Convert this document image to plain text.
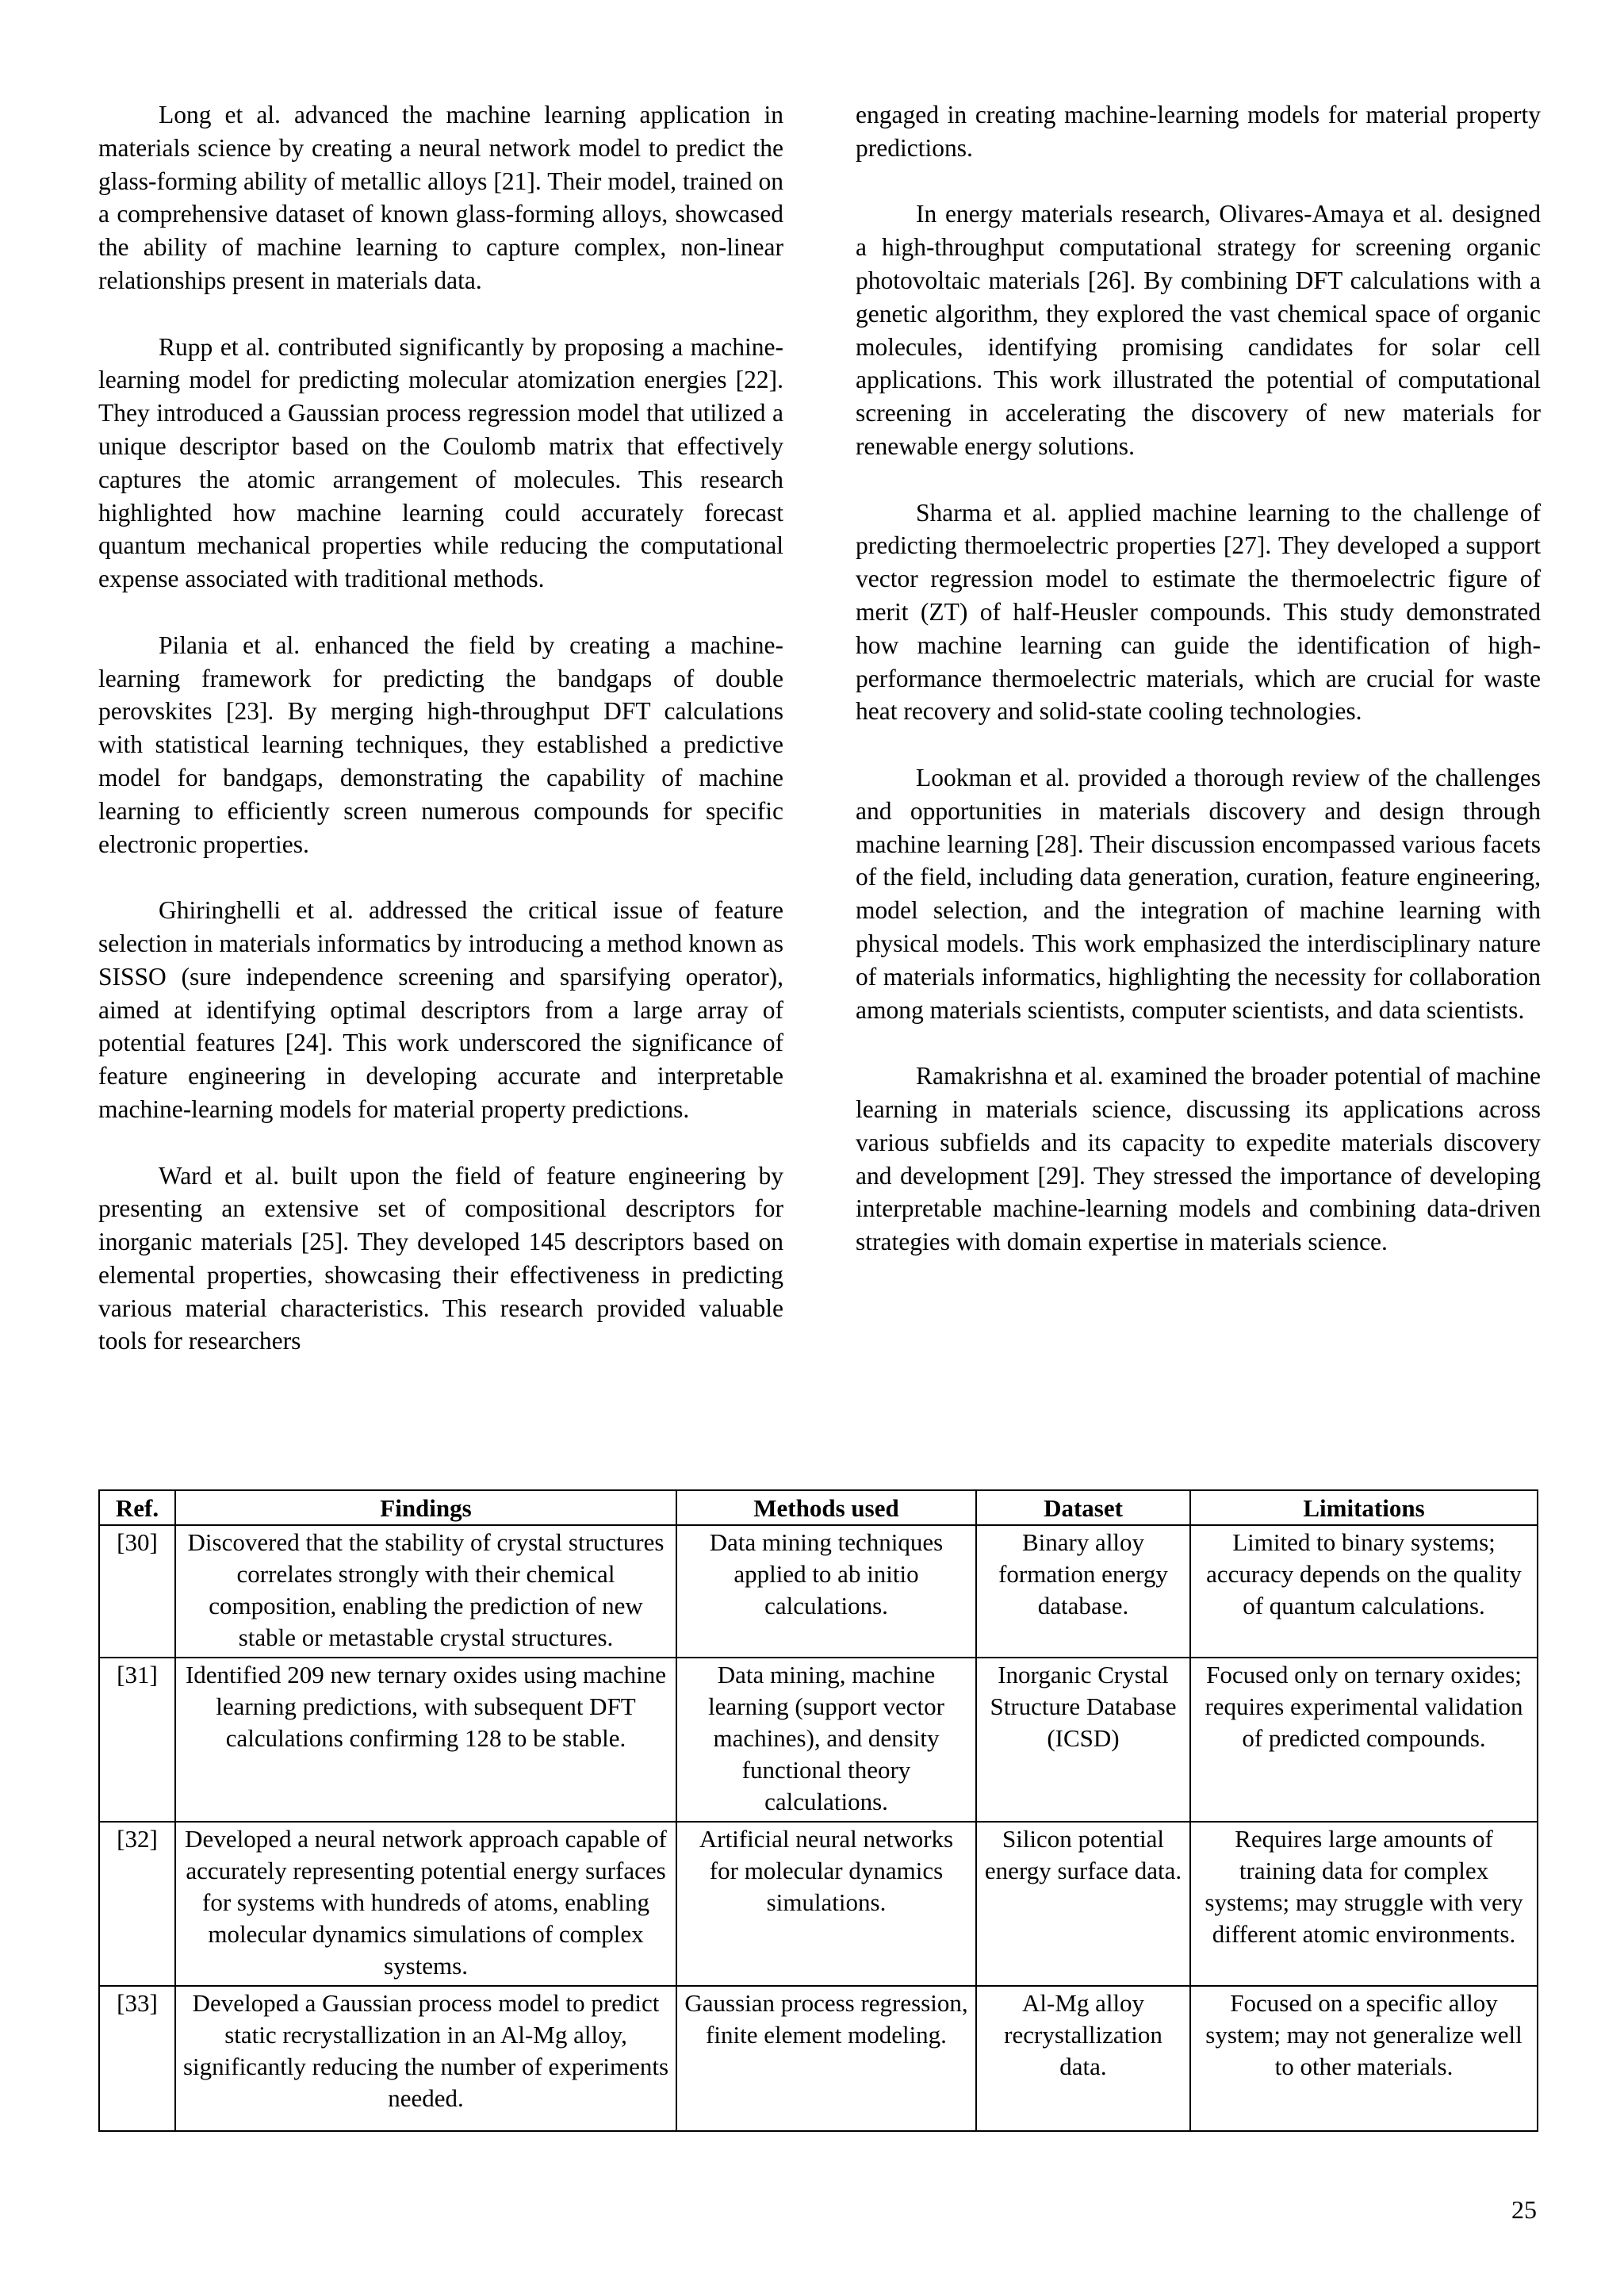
Long et al. advanced the machine learning application in materials science by creating a neural network model to predict the glass-forming ability of metallic alloys [21]. Their model, trained on a comprehensive dataset of known glass-forming alloys, showcased the ability of machine learning to capture complex, non-linear relationships present in materials data.

Rupp et al. contributed significantly by proposing a machine-learning model for predicting molecular atomization energies [22]. They introduced a Gaussian process regression model that utilized a unique descriptor based on the Coulomb matrix that effectively captures the atomic arrangement of molecules. This research highlighted how machine learning could accurately forecast quantum mechanical properties while reducing the computational expense associated with traditional methods.

Pilania et al. enhanced the field by creating a machine-learning framework for predicting the bandgaps of double perovskites [23]. By merging high-throughput DFT calculations with statistical learning techniques, they established a predictive model for bandgaps, demonstrating the capability of machine learning to efficiently screen numerous compounds for specific electronic properties.

Ghiringhelli et al. addressed the critical issue of feature selection in materials informatics by introducing a method known as SISSO (sure independence screening and sparsifying operator), aimed at identifying optimal descriptors from a large array of potential features [24]. This work underscored the significance of feature engineering in developing accurate and interpretable machine-learning models for material property predictions.

Ward et al. built upon the field of feature engineering by presenting an extensive set of compositional descriptors for inorganic materials [25]. They developed 145 descriptors based on elemental properties, showcasing their effectiveness in predicting various material characteristics. This research provided valuable tools for researchers

engaged in creating machine-learning models for material property predictions.

In energy materials research, Olivares-Amaya et al. designed a high-throughput computational strategy for screening organic photovoltaic materials [26]. By combining DFT calculations with a genetic algorithm, they explored the vast chemical space of organic molecules, identifying promising candidates for solar cell applications. This work illustrated the potential of computational screening in accelerating the discovery of new materials for renewable energy solutions.

Sharma et al. applied machine learning to the challenge of predicting thermoelectric properties [27]. They developed a support vector regression model to estimate the thermoelectric figure of merit (ZT) of half-Heusler compounds. This study demonstrated how machine learning can guide the identification of high-performance thermoelectric materials, which are crucial for waste heat recovery and solid-state cooling technologies.

Lookman et al. provided a thorough review of the challenges and opportunities in materials discovery and design through machine learning [28]. Their discussion encompassed various facets of the field, including data generation, curation, feature engineering, model selection, and the integration of machine learning with physical models. This work emphasized the interdisciplinary nature of materials informatics, highlighting the necessity for collaboration among materials scientists, computer scientists, and data scientists.

Ramakrishna et al. examined the broader potential of machine learning in materials science, discussing its applications across various subfields and its capacity to expedite materials discovery and development [29]. They stressed the importance of developing interpretable machine-learning models and combining data-driven strategies with domain expertise in materials science.

Ref.	Findings	Methods used	Dataset	Limitations
[30]	Discovered that the stability of crystal structures correlates strongly with their chemical composition, enabling the prediction of new stable or metastable crystal structures.	Data mining techniques applied to ab initio calculations.	Binary alloy formation energy database.	Limited to binary systems; accuracy depends on the quality of quantum calculations.
[31]	Identified 209 new ternary oxides using machine learning predictions, with subsequent DFT calculations confirming 128 to be stable.	Data mining, machine learning (support vector machines), and density functional theory calculations.	Inorganic Crystal Structure Database (ICSD)	Focused only on ternary oxides; requires experimental validation of predicted compounds.
[32]	Developed a neural network approach capable of accurately representing potential energy surfaces for systems with hundreds of atoms, enabling molecular dynamics simulations of complex systems.	Artificial neural networks for molecular dynamics simulations.	Silicon potential energy surface data.	Requires large amounts of training data for complex systems; may struggle with very different atomic environments.
[33]	Developed a Gaussian process model to predict static recrystallization in an Al-Mg alloy, significantly reducing the number of experiments needed.	Gaussian process regression, finite element modeling.	Al-Mg alloy recrystallization data.	Focused on a specific alloy system; may not generalize well to other materials.
25
